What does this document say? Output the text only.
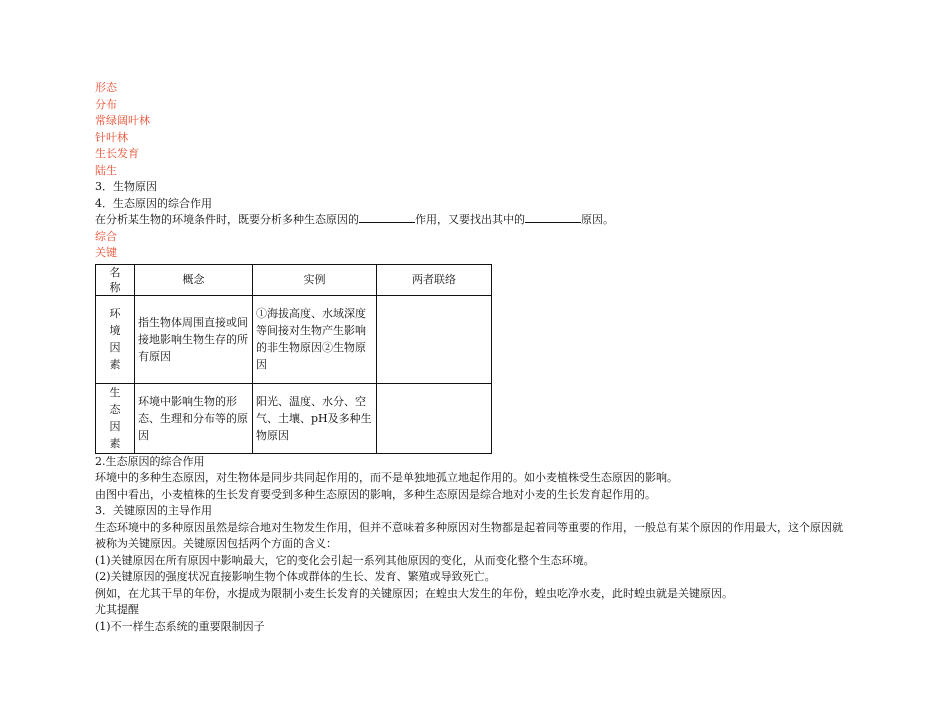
形态
分布
常绿阔叶林
针叶林
生长发育
陆生
3．生物原因
4．生态原因的综合作用
在分析某生物的环境条件时，既要分析多种生态原因的	作用，又要找出其中的	原因。
综合
关键
名
称	概念	实例	两者联络

环
境
因
素	指生物体周围直接或间接地影响生物生存的所有原因	①海拔高度、水域深度等间接对生物产生影响的非生物原因②生物原因	

生
态
因
素	环境中影响生物的形态、生理和分布等的原因	阳光、温度、水分、空气、土壤、pH及多种生物原因	
2.生态原因的综合作用
环境中的多种生态原因，对生物体是同步共同起作用的，而不是单独地孤立地起作用的。如小麦植株受生态原因的影响。
由图中看出，小麦植株的生长发育要受到多种生态原因的影响，多种生态原因是综合地对小麦的生长发育起作用的。
3．关键原因的主导作用
生态环境中的多种原因虽然是综合地对生物发生作用，但并不意味着多种原因对生物都是起着同等重要的作用，一般总有某个原因的作用最大，这个原因就
被称为关键原因。关键原因包括两个方面的含义：
(1)关键原因在所有原因中影响最大，它的变化会引起一系列其他原因的变化，从而变化整个生态环境。
(2)关键原因的强度状况直接影响生物个体或群体的生长、发育、繁殖或导致死亡。
例如，在尤其干旱的年份，水提成为限制小麦生长发育的关键原因；在蝗虫大发生的年份，蝗虫吃净水麦，此时蝗虫就是关键原因。
尤其提醒
(1)不一样生态系统的重要限制因子
